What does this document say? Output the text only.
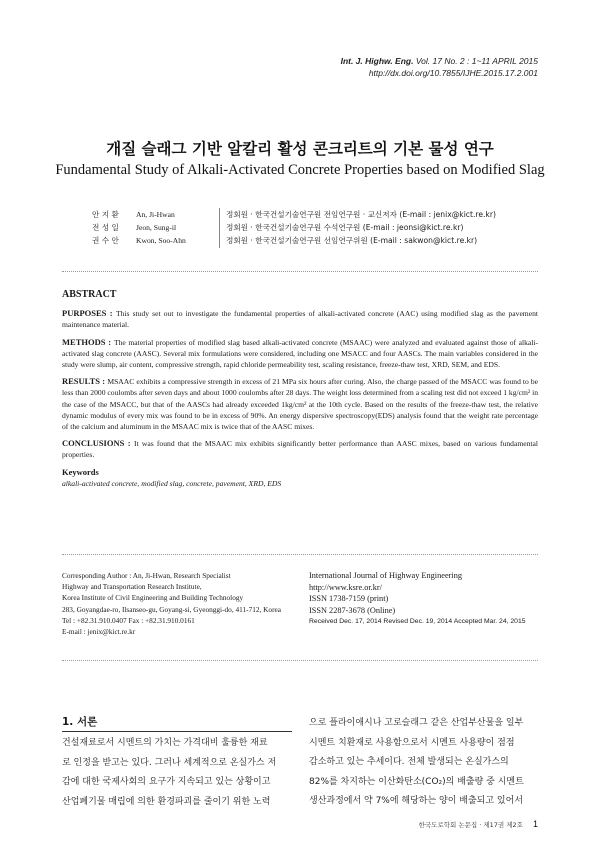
Int. J. Highw. Eng. Vol. 17 No. 2 : 1~11 APRIL 2015
http://dx.doi.org/10.7855/IJHE.2015.17.2.001
개질 슬래그 기반 알칼리 활성 콘크리트의 기본 물성 연구
Fundamental Study of Alkali-Activated Concrete Properties based on Modified Slag
안 지 환	An, Ji-Hwan	정회원 · 한국건설기술연구원 전임연구원 · 교신저자 (E-mail : jenix@kict.re.kr)
전 성 일	Jeon, Sung-il	정회원 · 한국건설기술연구원 수석연구원 (E-mail : jeonsi@kict.re.kr)
권 수 안	Kwon, Soo-Ahn	정회원 · 한국건설기술연구원 선임연구위원 (E-mail : sakwon@kict.re.kr)
ABSTRACT

PURPOSES : This study set out to investigate the fundamental properties of alkali-activated concrete (AAC) using modified slag as the pavement maintenance material.

METHODS : The material properties of modified slag based alkali-activated concrete (MSAAC) were analyzed and evaluated against those of alkali-activated slag concrete (AASC). Several mix formulations were considered, including one MSACC and four AASCs. The main variables considered in the study were slump, air content, compressive strength, rapid chloride permeability test, scaling resistance, freeze-thaw test, XRD, SEM, and EDS.

RESULTS : MSAAC exhibits a compressive strength in excess of 21 MPa six hours after curing. Also, the charge passed of the MSACC was found to be less than 2000 coulombs after seven days and about 1000 coulombs after 28 days. The weight loss determined from a scaling test did not exceed 1 kg/cm² in the case of the MSACC, but that of the AASCs had already exceeded 1kg/cm² at the 10th cycle. Based on the results of the freeze-thaw test, the relative dynamic modulus of every mix was found to be in excess of 90%. An energy dispersive spectroscopy(EDS) analysis found that the weight rate percentage of the calcium and aluminum in the MSAAC mix is twice that of the AASC mixes.

CONCLUSIONS : It was found that the MSAAC mix exhibits significantly better performance than AASC mixes, based on various fundamental properties.

Keywords
alkali-activated concrete, modified slag, concrete, pavement, XRD, EDS
Corresponding Author : An, Ji-Hwan, Research Specialist
Highway and Transportation Research Institute,
Korea Institute of Civil Engineering and Building Technology
283, Goyangdae-ro, Ilsanseo-gu, Goyang-si, Gyeonggi-do, 411-712, Korea
Tel : +82.31.910.0407 Fax : +82.31.910.0161
E-mail : jenix@kict.re.kr
International Journal of Highway Engineering
http://www.ksre.or.kr/
ISSN 1738-7159 (print)
ISSN 2287-3678 (Online)
Received Dec. 17, 2014 Revised Dec. 19, 2014 Accepted Mar. 24, 2015
1. 서론
건설재료로서 시멘트의 가치는 가격대비 훌륭한 재료
로 인정을 받고는 있다. 그러나 세계적으로 온실가스 저
감에 대한 국제사회의 요구가 지속되고 있는 상황이고
산업폐기물 매립에 의한 환경파괴를 줄이기 위한 노력
으로 플라이애시나 고로슬래그 같은 산업부산물을 일부
시멘트 치환재로 사용함으로서 시멘트 사용량이 점점
감소하고 있는 추세이다. 전체 발생되는 온실가스의
82%를 차지하는 이산화탄소(CO₂)의 배출량 중 시멘트
생산과정에서 약 7%에 해당하는 양이 배출되고 있어서
한국도로학회 논문집 · 제17권 제2호 1
